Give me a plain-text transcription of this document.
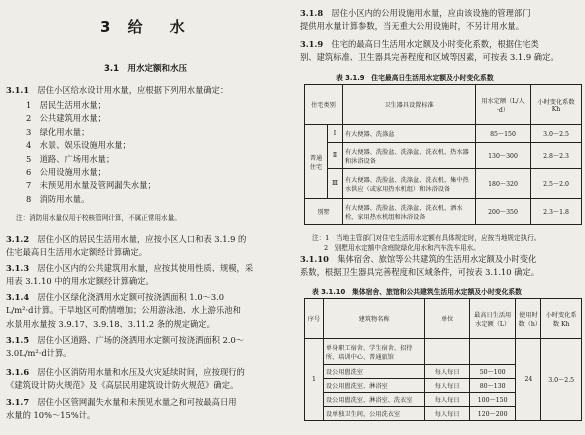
3 给　水
3.1　用水定额和水压
3.1.1　 居住小区给水设计用水量，应根据下列用水量确定：
1　 居民生活用水量；
2　 公共建筑用水量；
3　 绿化用水量；
4　 水景、娱乐设施用水量；
5　 道路、广场用水量；
6　 公用设施用水量；
7　 未预见用水量及管网漏失水量；
8　 消防用水量。
注：消防用水量仅用于校核管网计算，不属正常用水量。
3.1.2　 居住小区的居民生活用水量，应按小区人口和表 3.1.9 的
住宅最高日生活用水定额经计算确定。
3.1.3　 居住小区内的公共建筑用水量，应按其使用性质、规模，采
用表 3.1.10 中的用水定额经计算确定。
3.1.4　 居住小区绿化浇洒用水定额可按浇洒面积 1.0～3.0
L/m²·d计算。干旱地区可酌情增加；公用游泳池、水上游乐池和
水景用水量按 3.9.17、3.9.18、3.11.2 条的规定确定。
3.1.5　 居住小区道路、广场的浇洒用水定额可按浇洒面积 2.0～
3.0L/m²·d计算。
3.1.6　 居住小区消防用水量和水压及火灾延续时间，应按现行的
《建筑设计防火规范》及《高层民用建筑设计防火规范》确定。
3.1.7　 居住小区管网漏失水量和未预见水量之和可按最高日用
水量的 10%～15%计。
3.1.8　 居住小区内的公用设施用水量，应由该设施的管理部门
提供用水量计算参数，当无重大公用设施时，不另计用水量。
3.1.9　 住宅的最高日生活用水定额及小时变化系数，根据住宅类
别、建筑标准、卫生器具完善程度和区域等因素，可按表 3.1.9 确定。
表 3.1.9　住宅最高日生活用水定额及小时变化系数
住宅类别		卫生器具设置标准	用水定额（L/人·d）	小时变化系数 Kh
普通住宅	Ⅰ	有大便器、洗涤盆	85～150	3.0～2.5
	Ⅱ	有大便器、洗脸盆、洗涤盆、洗衣机、热水器和沐浴设备	130～300	2.8～2.3
	Ⅲ	有大便器、洗脸盆、洗涤盆、洗衣机、集中热水供应（或家用热水机组）和沐浴设备	180～320	2.5～2.0
别墅		有大便器、洗脸盆、洗涤盆、洗衣机、洒水栓，家用热水机组和沐浴设备	200～350	2.3～1.8
注：1　当地主管部门对住宅生活用水定额有具体规定时，应按当地规定执行。
2　别墅用水定额中含庭院绿化用水和汽车洗车用水。
3.1.10　 集体宿舍、旅馆等公共建筑的生活用水定额及小时变化
系数，根据卫生器具完善程度和区域条件，可按表 3.1.10 确定。
表 3.1.10　集体宿舍、旅馆和公共建筑生活用水定额及小时变化系数
序号	建筑物名称	单位	最高日生活用水定额（L）	使用时数（h）	小时变化系数 Kh
1	单身职工宿舍、学生宿舍、招待所、培训中心、普通旅馆			24	3.0～2.5
	设公用盥洗室	每人每日	50～100		
	设公用盥洗室、淋浴室	每人每日	80～130		
	设公用盥洗室、淋浴室、洗衣室	每人每日	100～150		
	设单独卫生间，公用洗衣室	每人每日	120～200		
